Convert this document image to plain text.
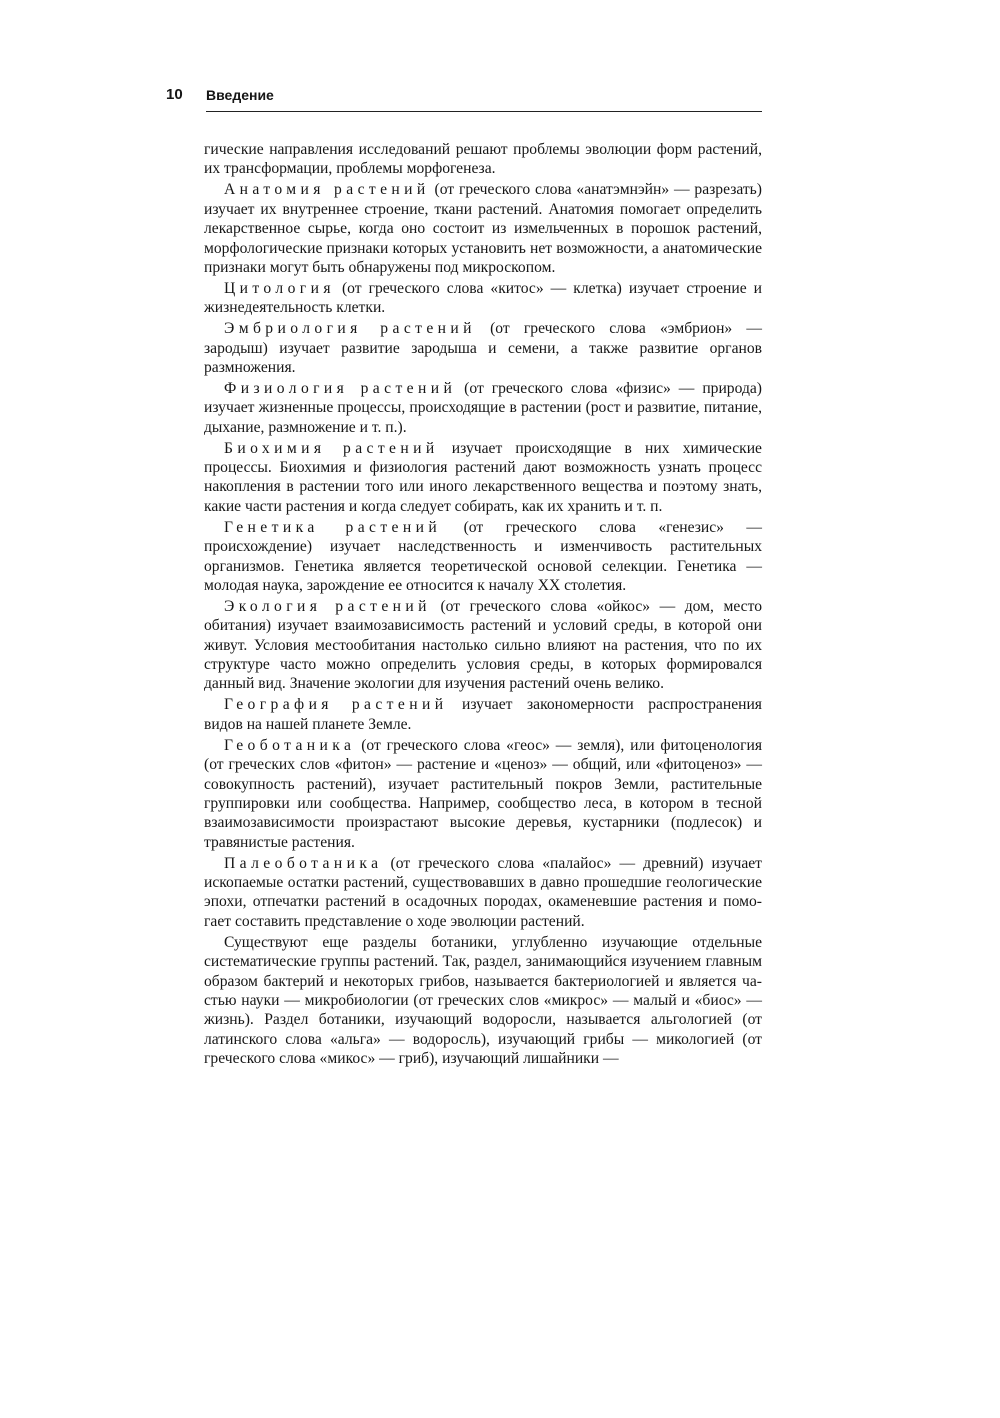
10 Введение

гические направления исследований решают проблемы эволюции форм растений, их трансформации, проблемы морфогенеза.

Анатомия растений (от греческого слова «анатэмнэйн» — разрезать) изучает их внутреннее строение, ткани растений. Анатомия помогает определить лекарственное сырье, когда оно состоит из измельченных в порошок растений, морфологические признаки которых установить нет возможности, а анатомические признаки могут быть обнаружены под микроскопом.

Цитология (от греческого слова «китос» — клетка) изучает строение и жизнедеятельность клетки.

Эмбриология растений (от греческого слова «эмбрион» — зародыш) изучает развитие зародыша и семени, а также развитие органов размножения.

Физиология растений (от греческого слова «физис» — природа) изучает жизненные процессы, происходящие в растении (рост и развитие, питание, дыхание, размножение и т. п.).

Биохимия растений изучает происходящие в них химические процессы. Биохимия и физиология растений дают возможность узнать процесс накопления в растении того или иного лекарственного вещества и поэтому знать, какие части растения и когда следует собирать, как их хранить и т. п.

Генетика растений (от греческого слова «генезис» — происхождение) изучает наследственность и изменчивость растительных организмов. Генетика является теоретической основой селекции. Генетика — молодая наука, зарождение ее относится к началу XX столетия.

Экология растений (от греческого слова «ойкос» — дом, место обитания) изучает взаимозависимость растений и условий среды, в которой они живут. Условия местообитания настолько сильно влияют на растения, что по их структуре часто можно определить условия среды, в которых формировался данный вид. Значение экологии для изучения растений очень велико.

География растений изучает закономерности распространения видов на нашей планете Земле.

Геоботаника (от греческого слова «геос» — земля), или фитоценология (от греческих слов «фитон» — растение и «ценоз» — общий, или «фитоценоз» — совокупность растений), изучает растительный покров Земли, растительные группировки или сообщества. Например, сообщество леса, в котором в тесной взаимозависимости произрастают высокие деревья, кустарники (подлесок) и травянистые растения.

Палеоботаника (от греческого слова «палайос» — древний) изучает ископаемые остатки растений, существовавших в давно прошедшие геологические эпохи, отпечатки растений в осадочных породах, окаменевшие растения и помогает составить представление о ходе эволюции растений.

Существуют еще разделы ботаники, углубленно изучающие отдельные систематические группы растений. Так, раздел, занимающийся изучением главным образом бактерий и некоторых грибов, называется бактериологией и является частью науки — микробиологии (от греческих слов «микрос» — малый и «биос» — жизнь). Раздел ботаники, изучающий водоросли, называется альгологией (от латинского слова «альга» — водоросль), изучающий грибы — микологией (от греческого слова «микос» — гриб), изучающий лишайники —
